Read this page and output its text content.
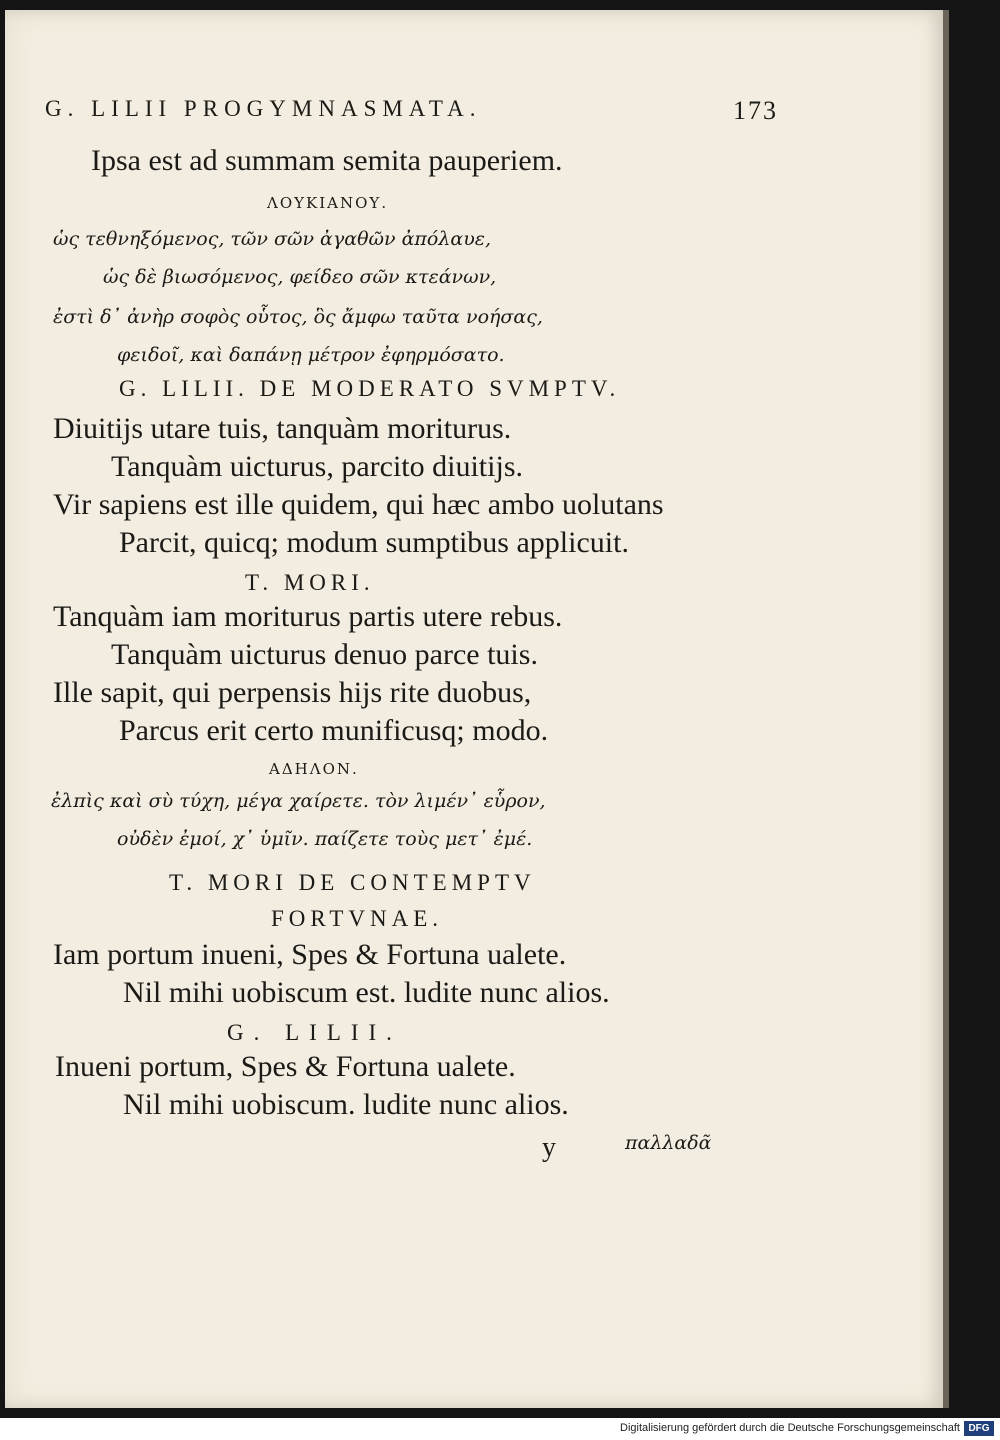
G. LILII PROGYMNASMATA.	173
Ipsa est ad summam semita pauperiem.
ΛΟΥΚΙΑΝΟΥ.
ὡς τεθνηξόμενος, τῶν σῶν ἀγαθῶν ἀπόλαυε,
ὡς δὲ βιωσόμενος, φείδεο σῶν κτεάνων,
ἐστὶ δ᾽ ἀνὴρ σοφὸς οὗτος, ὃς ἄμφω ταῦτα νοήσας,
φειδοῖ, καὶ δαπάνῃ μέτρον ἐφηρμόσατο.
G. LILII. DE MODERATO SVMPTV.
Diuitijs utare tuis, tanquàm moriturus.
Tanquàm uicturus, parcito diuitijs.
Vir sapiens est ille quidem, qui hæc ambo uolutans
Parcit, quicq; modum sumptibus applicuit.
T. MORI.
Tanquàm iam moriturus partis utere rebus.
Tanquàm uicturus denuo parce tuis.
Ille sapit, qui perpensis hijs rite duobus,
Parcus erit certo munificusq; modo.
ΑΔΗΛΟΝ.
ἐλπὶς καὶ σὺ τύχη, μέγα χαίρετε. τὸν λιμέν᾽ εὗρον,
οὐδὲν ἐμοί, χ᾽ ὑμῖν. παίζετε τοὺς μετ᾽ ἐμέ.
T. MORI DE CONTEMPTV
FORTVNAE.
Iam portum inueni, Spes & Fortuna ualete.
Nil mihi uobiscum est. ludite nunc alios.
G. LILII.
Inueni portum, Spes & Fortuna ualete.
Nil mihi uobiscum. ludite nunc alios.
y	παλλαδᾶ
Digitalisierung gefördert durch die Deutsche Forschungsgemeinschaft DFG
